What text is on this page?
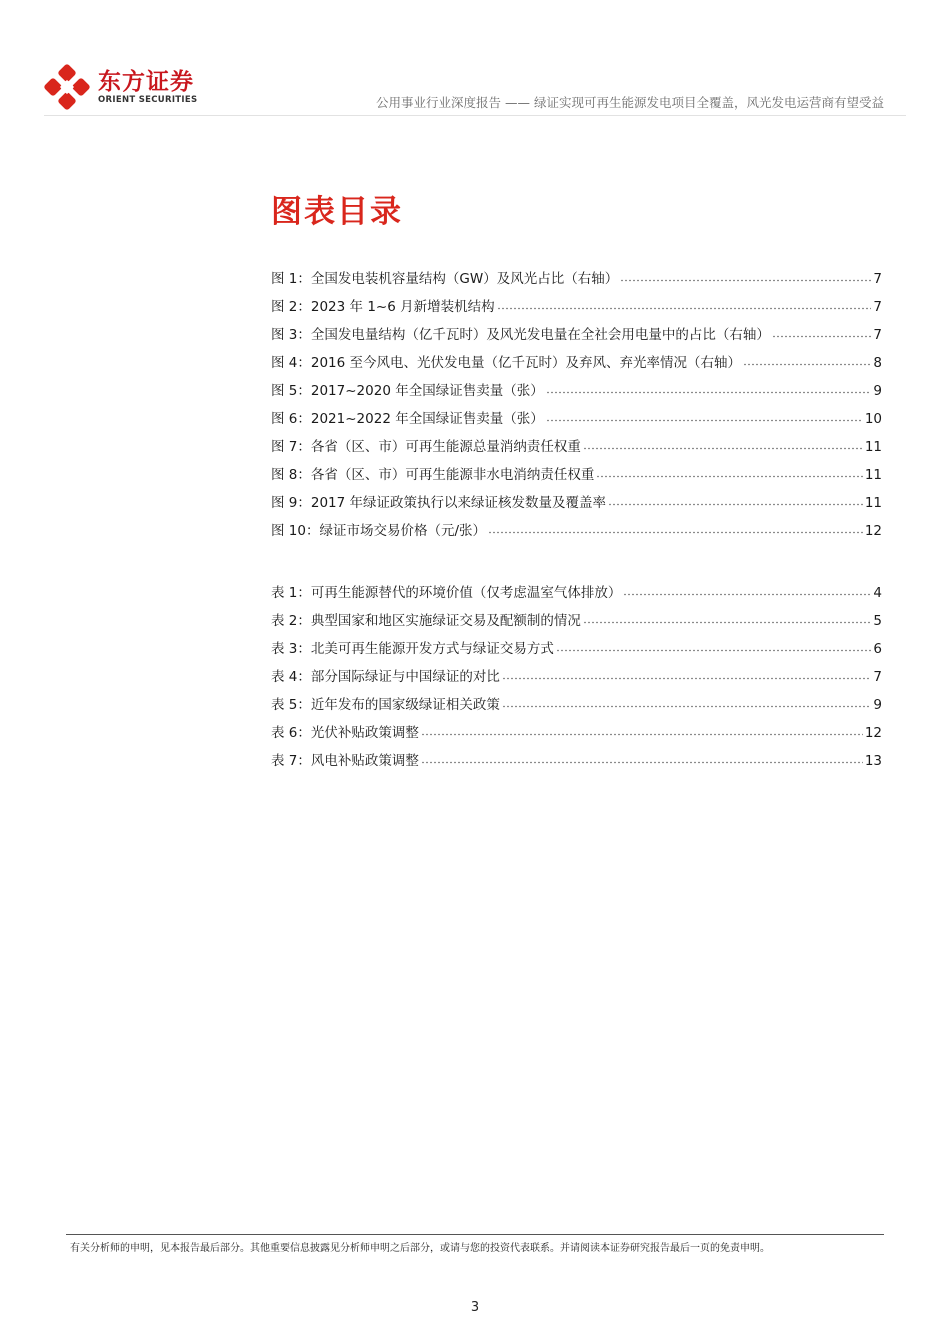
东方证券
ORIENT SECURITIES	公用事业行业深度报告 —— 绿证实现可再生能源发电项目全覆盖，风光发电运营商有望受益
图表目录
图 1：全国发电装机容量结构（GW）及风光占比（右轴）	7
图 2：2023 年 1~6 月新增装机结构	7
图 3：全国发电量结构（亿千瓦时）及风光发电量在全社会用电量中的占比（右轴）	7
图 4：2016 至今风电、光伏发电量（亿千瓦时）及弃风、弃光率情况（右轴）	8
图 5：2017~2020 年全国绿证售卖量（张）	9
图 6：2021~2022 年全国绿证售卖量（张）	10
图 7：各省（区、市）可再生能源总量消纳责任权重	11
图 8：各省（区、市）可再生能源非水电消纳责任权重	11
图 9：2017 年绿证政策执行以来绿证核发数量及覆盖率	11
图 10：绿证市场交易价格（元/张）	12
表 1：可再生能源替代的环境价值（仅考虑温室气体排放）	4
表 2：典型国家和地区实施绿证交易及配额制的情况	5
表 3：北美可再生能源开发方式与绿证交易方式	6
表 4：部分国际绿证与中国绿证的对比	7
表 5：近年发布的国家级绿证相关政策	9
表 6：光伏补贴政策调整	12
表 7：风电补贴政策调整	13
有关分析师的申明，见本报告最后部分。其他重要信息披露见分析师申明之后部分，或请与您的投资代表联系。并请阅读本证券研究报告最后一页的免责申明。
3
